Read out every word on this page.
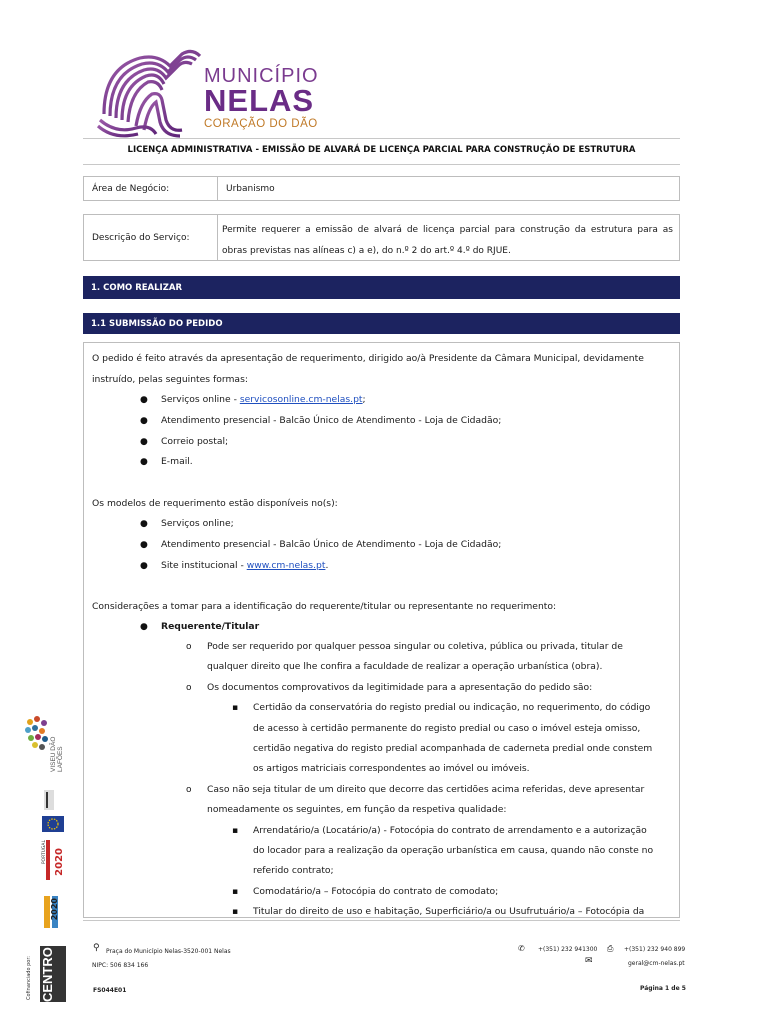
MUNICÍPIO
NELAS
CORAÇÃO DO DÃO
LICENÇA ADMINISTRATIVA - EMISSÃO DE ALVARÁ DE LICENÇA PARCIAL PARA CONSTRUÇÃO DE ESTRUTURA
Área de Negócio:	Urbanismo
Descrição do Serviço:
Permite requerer a emissão de alvará de licença parcial para construção da estrutura para as
obras previstas nas alíneas c) a e), do n.º 2 do art.º 4.º do RJUE.
1. COMO REALIZAR
1.1 SUBMISSÃO DO PEDIDO
O pedido é feito através da apresentação de requerimento, dirigido ao/à Presidente da Câmara Municipal, devidamente
instruído, pelas seguintes formas:
● Serviços online - servicosonline.cm-nelas.pt;
● Atendimento presencial - Balcão Único de Atendimento - Loja de Cidadão;
● Correio postal;
● E-mail.
Os modelos de requerimento estão disponíveis no(s):
● Serviços online;
● Atendimento presencial - Balcão Único de Atendimento - Loja de Cidadão;
● Site institucional - www.cm-nelas.pt.
Considerações a tomar para a identificação do requerente/titular ou representante no requerimento:
● Requerente/Titular
o Pode ser requerido por qualquer pessoa singular ou coletiva, pública ou privada, titular de
qualquer direito que lhe confira a faculdade de realizar a operação urbanística (obra).
o Os documentos comprovativos da legitimidade para a apresentação do pedido são:
▪ Certidão da conservatória do registo predial ou indicação, no requerimento, do código
de acesso à certidão permanente do registo predial ou caso o imóvel esteja omisso,
certidão negativa do registo predial acompanhada de caderneta predial onde constem
os artigos matriciais correspondentes ao imóvel ou imóveis.
o Caso não seja titular de um direito que decorre das certidões acima referidas, deve apresentar
nomeadamente os seguintes, em função da respetiva qualidade:
▪ Arrendatário/a (Locatário/a) - Fotocópia do contrato de arrendamento e a autorização
do locador para a realização da operação urbanística em causa, quando não conste no
referido contrato;
▪ Comodatário/a – Fotocópia do contrato de comodato;
▪ Titular do direito de uso e habitação, Superficiário/a ou Usufrutuário/a – Fotocópia da
VISEU DÃO LAFÕES
Cofinanciado por: CENTRO
2020
PORTUGAL 2020
⚲ Praça do Município Nelas-3520-001 Nelas
NIPC: 506 834 166
✆ +(351) 232 941300 ⎙ +(351) 232 940 899
✉	geral@cm-nelas.pt
FS044E01	Página 1 de 5
